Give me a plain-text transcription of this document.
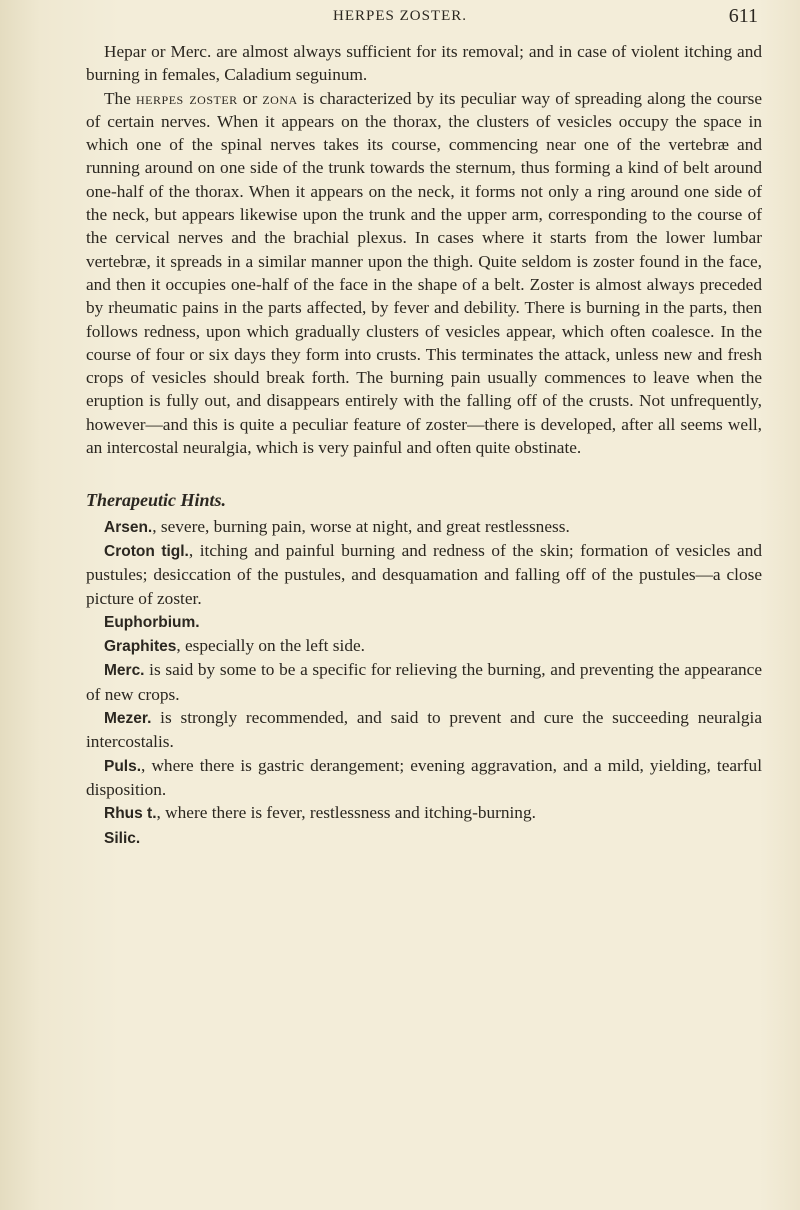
HERPES ZOSTER.	611

Hepar or Merc. are almost always sufficient for its removal; and in case of violent itching and burning in females, Caladium seguinum.

The herpes zoster or zona is characterized by its peculiar way of spreading along the course of certain nerves. When it appears on the thorax, the clusters of vesicles occupy the space in which one of the spinal nerves takes its course, commencing near one of the vertebræ and running around on one side of the trunk towards the sternum, thus forming a kind of belt around one-half of the thorax. When it appears on the neck, it forms not only a ring around one side of the neck, but appears likewise upon the trunk and the upper arm, corresponding to the course of the cervical nerves and the brachial plexus. In cases where it starts from the lower lumbar vertebræ, it spreads in a similar manner upon the thigh. Quite seldom is zoster found in the face, and then it occupies one-half of the face in the shape of a belt. Zoster is almost always preceded by rheumatic pains in the parts affected, by fever and debility. There is burning in the parts, then follows redness, upon which gradually clusters of vesicles appear, which often coalesce. In the course of four or six days they form into crusts. This terminates the attack, unless new and fresh crops of vesicles should break forth. The burning pain usually commences to leave when the eruption is fully out, and disappears entirely with the falling off of the crusts. Not unfrequently, however—and this is quite a peculiar feature of zoster—there is developed, after all seems well, an intercostal neuralgia, which is very painful and often quite obstinate.

Therapeutic Hints.

Arsen., severe, burning pain, worse at night, and great restlessness.

Croton tigl., itching and painful burning and redness of the skin; formation of vesicles and pustules; desiccation of the pustules, and desquamation and falling off of the pustules—a close picture of zoster.

Euphorbium.

Graphites, especially on the left side.

Merc. is said by some to be a specific for relieving the burning, and preventing the appearance of new crops.

Mezer. is strongly recommended, and said to prevent and cure the succeeding neuralgia intercostalis.

Puls., where there is gastric derangement; evening aggravation, and a mild, yielding, tearful disposition.

Rhus t., where there is fever, restlessness and itching-burning.

Silic.
